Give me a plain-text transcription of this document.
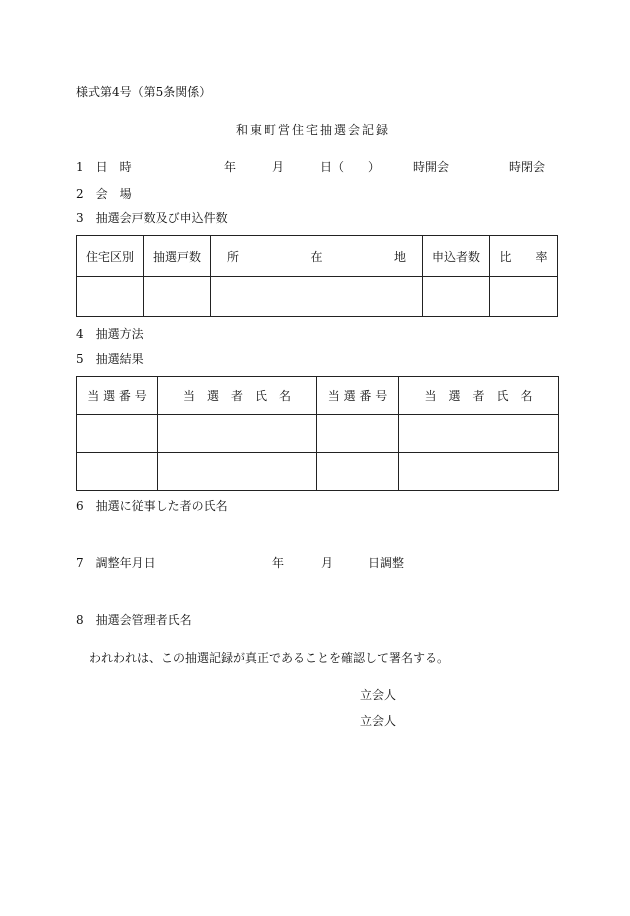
様式第4号（第5条関係）
和東町営住宅抽選会記録
1　日　時	年	月	日（　　）	時開会	時閉会
2　会　場
3　抽選会戸数及び申込件数
住宅区別	抽選戸数	所 在 地	申込者数	比　　率

4　抽選方法
5　抽選結果
当 選 番 号	当　選　者　氏　名	当 選 番 号	当　選　者　氏　名

6　抽選に従事した者の氏名
7　調整年月日	年	月	日調整
8　抽選会管理者氏名
われわれは、この抽選記録が真正であることを確認して署名する。
立会人
立会人
